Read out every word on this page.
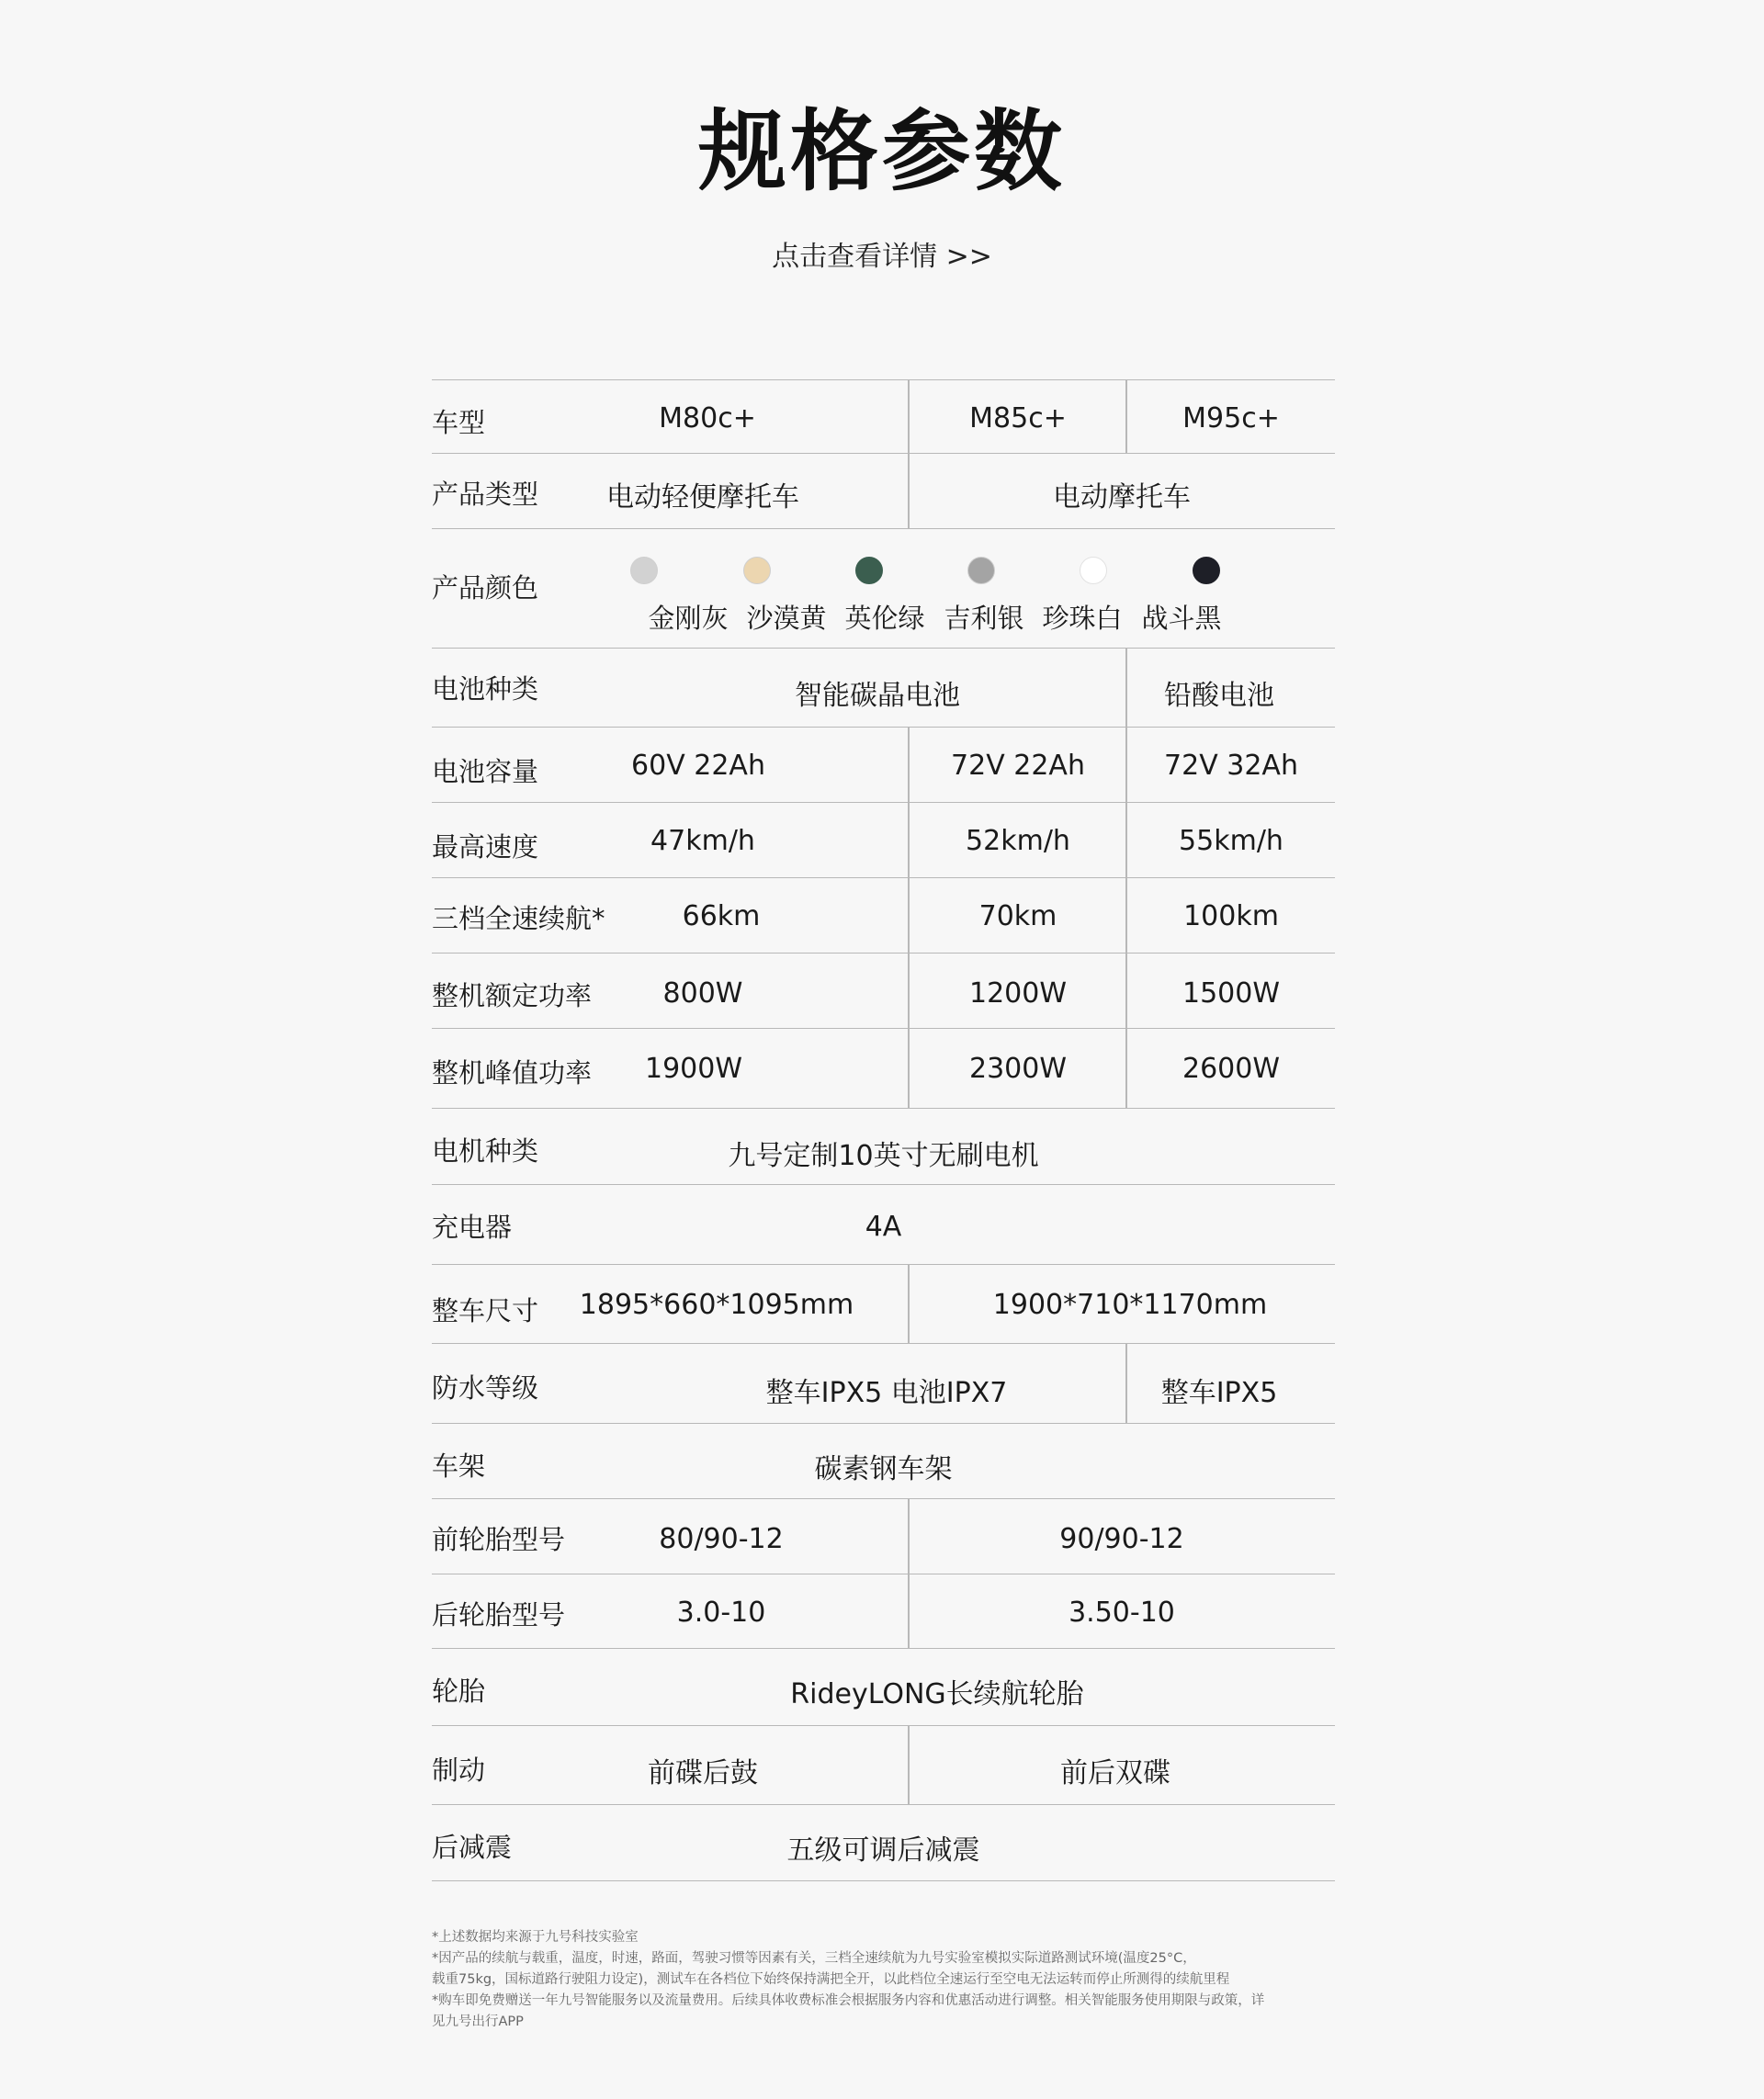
规格参数
点击查看详情 >>
车型	M80c+	M85c+	M95c+
产品类型	电动轻便摩托车	电动摩托车
产品颜色
金刚灰 沙漠黄 英伦绿 吉利银 珍珠白 战斗黑
电池种类	智能碳晶电池	铅酸电池
电池容量	60V 22Ah	72V 22Ah	72V 32Ah
最高速度	47km/h	52km/h	55km/h
三档全速续航*	66km	70km	100km
整机额定功率	800W	1200W	1500W
整机峰值功率	1900W	2300W	2600W
电机种类	九号定制10英寸无刷电机
充电器	4A
整车尺寸	1895*660*1095mm	1900*710*1170mm
防水等级	整车IPX5 电池IPX7	整车IPX5
车架	碳素钢车架
前轮胎型号	80/90-12	90/90-12
后轮胎型号	3.0-10	3.50-10
轮胎	RideyLONG长续航轮胎
制动	前碟后鼓	前后双碟
后减震	五级可调后减震
*上述数据均来源于九号科技实验室
*因产品的续航与载重，温度，时速，路面，驾驶习惯等因素有关，三档全速续航为九号实验室模拟实际道路测试环境(温度25°C，
载重75kg，国标道路行驶阻力设定)，测试车在各档位下始终保持满把全开，以此档位全速运行至空电无法运转而停止所测得的续航里程
*购车即免费赠送一年九号智能服务以及流量费用。后续具体收费标准会根据服务内容和优惠活动进行调整。相关智能服务使用期限与政策，详
见九号出行APP
